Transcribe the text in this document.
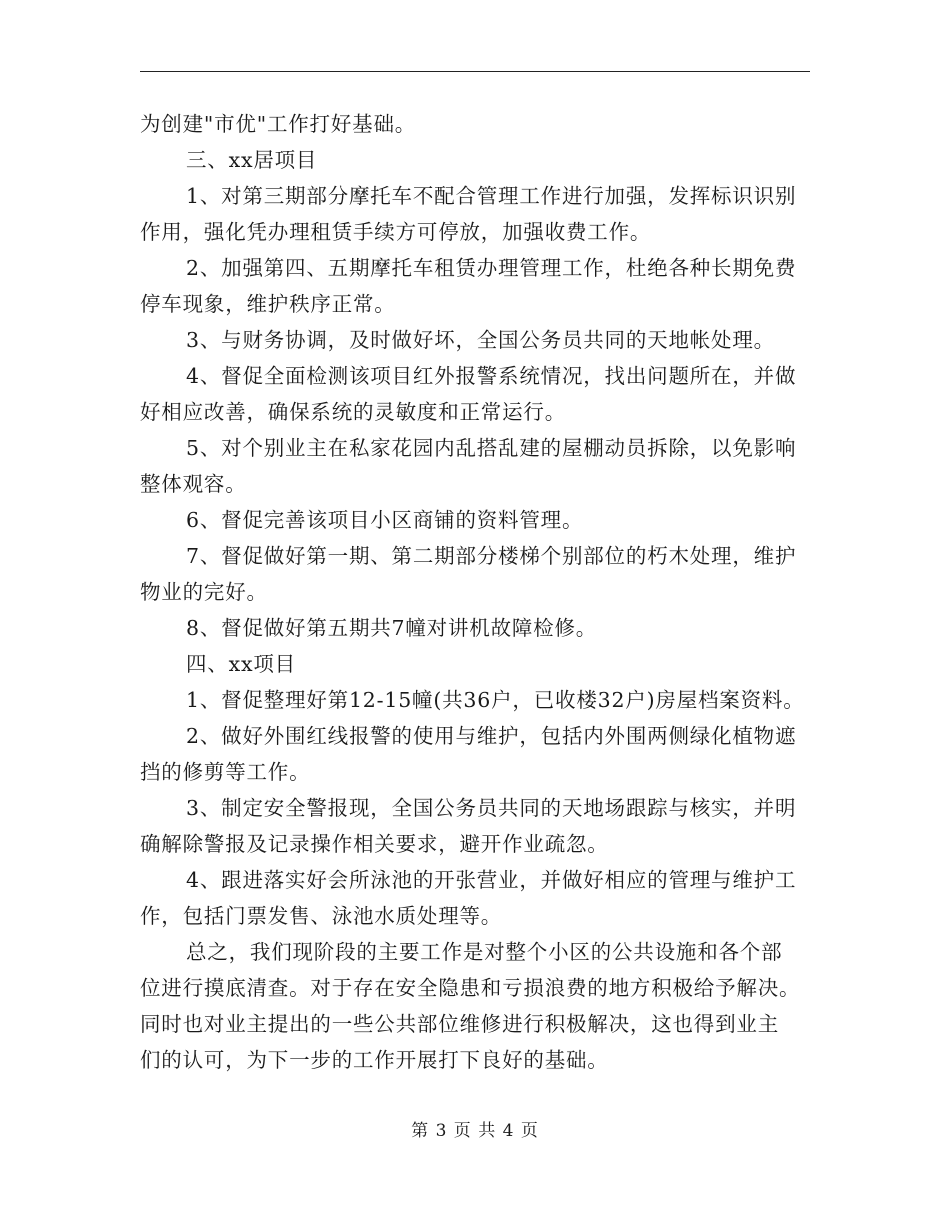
为创建"市优"工作打好基础。
三、xx居项目
1、对第三期部分摩托车不配合管理工作进行加强，发挥标识识别
作用，强化凭办理租赁手续方可停放，加强收费工作。
2、加强第四、五期摩托车租赁办理管理工作，杜绝各种长期免费
停车现象，维护秩序正常。
3、与财务协调，及时做好坏，全国公务员共同的天地帐处理。
4、督促全面检测该项目红外报警系统情况，找出问题所在，并做
好相应改善，确保系统的灵敏度和正常运行。
5、对个别业主在私家花园内乱搭乱建的屋棚动员拆除，以免影响
整体观容。
6、督促完善该项目小区商铺的资料管理。
7、督促做好第一期、第二期部分楼梯个别部位的朽木处理，维护
物业的完好。
8、督促做好第五期共7幢对讲机故障检修。
四、xx项目
1、督促整理好第12-15幢(共36户，已收楼32户)房屋档案资料。
2、做好外围红线报警的使用与维护，包括内外围两侧绿化植物遮
挡的修剪等工作。
3、制定安全警报现，全国公务员共同的天地场跟踪与核实，并明
确解除警报及记录操作相关要求，避开作业疏忽。
4、跟进落实好会所泳池的开张营业，并做好相应的管理与维护工
作，包括门票发售、泳池水质处理等。
总之，我们现阶段的主要工作是对整个小区的公共设施和各个部
位进行摸底清查。对于存在安全隐患和亏损浪费的地方积极给予解决。
同时也对业主提出的一些公共部位维修进行积极解决，这也得到业主
们的认可，为下一步的工作开展打下良好的基础。
第 3 页 共 4 页
